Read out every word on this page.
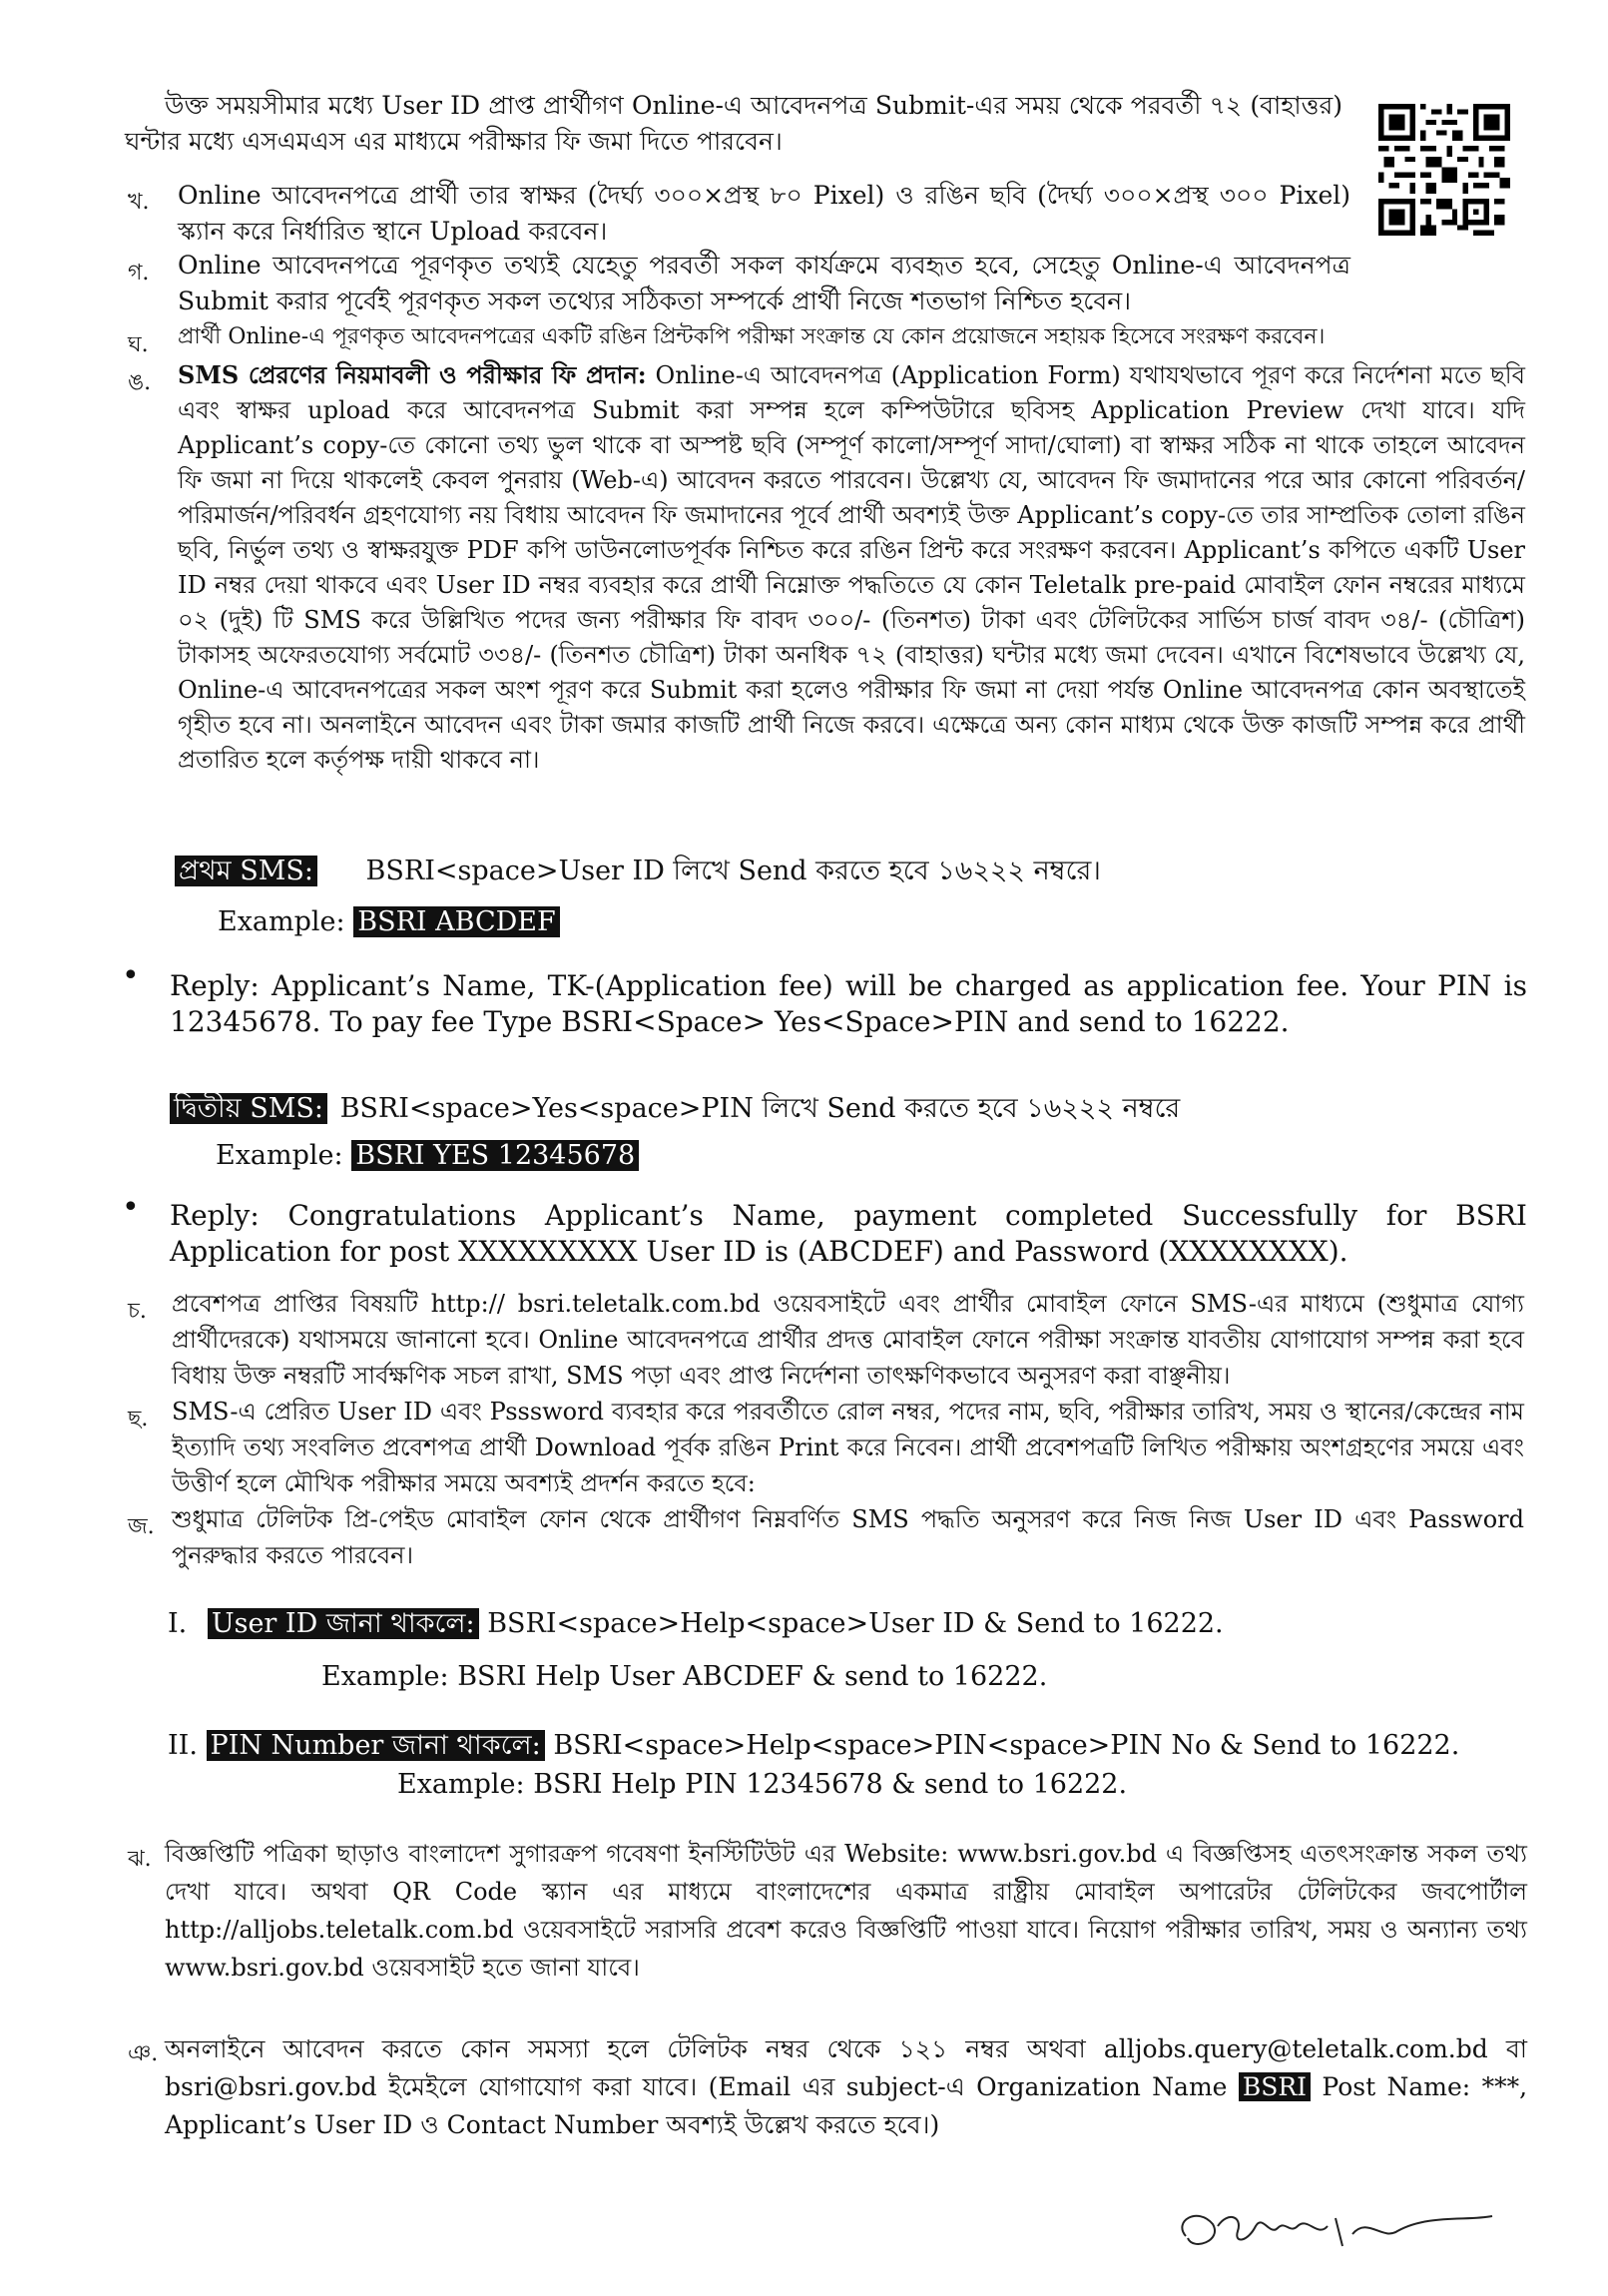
উক্ত সময়সীমার মধ্যে User ID প্রাপ্ত প্রার্থীগণ Online-এ আবেদনপত্র Submit-এর সময় থেকে পরবর্তী ৭২ (বাহাত্তর) ঘন্টার মধ্যে এসএমএস এর মাধ্যমে পরীক্ষার ফি জমা দিতে পারবেন।

খ. Online আবেদনপত্রে প্রার্থী তার স্বাক্ষর (দৈর্ঘ্য ৩০০×প্রস্থ ৮০ Pixel) ও রঙিন ছবি (দৈর্ঘ্য ৩০০×প্রস্থ ৩০০ Pixel) স্ক্যান করে নির্ধারিত স্থানে Upload করবেন।

গ. Online আবেদনপত্রে পূরণকৃত তথ্যই যেহেতু পরবর্তী সকল কার্যক্রমে ব্যবহৃত হবে, সেহেতু Online-এ আবেদনপত্র Submit করার পূর্বেই পূরণকৃত সকল তথ্যের সঠিকতা সম্পর্কে প্রার্থী নিজে শতভাগ নিশ্চিত হবেন।

ঘ. প্রার্থী Online-এ পূরণকৃত আবেদনপত্রের একটি রঙিন প্রিন্টকপি পরীক্ষা সংক্রান্ত যে কোন প্রয়োজনে সহায়ক হিসেবে সংরক্ষণ করবেন।

ঙ. SMS প্রেরণের নিয়মাবলী ও পরীক্ষার ফি প্রদান: Online-এ আবেদনপত্র (Application Form) যথাযথভাবে পূরণ করে নির্দেশনা মতে ছবি এবং স্বাক্ষর upload করে আবেদনপত্র Submit করা সম্পন্ন হলে কম্পিউটারে ছবিসহ Application Preview দেখা যাবে। যদি Applicant’s copy-তে কোনো তথ্য ভুল থাকে বা অস্পষ্ট ছবি (সম্পূর্ণ কালো/সম্পূর্ণ সাদা/ঘোলা) বা স্বাক্ষর সঠিক না থাকে তাহলে আবেদন ফি জমা না দিয়ে থাকলেই কেবল পুনরায় (Web-এ) আবেদন করতে পারবেন। উল্লেখ্য যে, আবেদন ফি জমাদানের পরে আর কোনো পরিবর্তন/পরিমার্জন/পরিবর্ধন গ্রহণযোগ্য নয় বিধায় আবেদন ফি জমাদানের পূর্বে প্রার্থী অবশ্যই উক্ত Applicant’s copy-তে তার সাম্প্রতিক তোলা রঙিন ছবি, নির্ভুল তথ্য ও স্বাক্ষরযুক্ত PDF কপি ডাউনলোডপূর্বক নিশ্চিত করে রঙিন প্রিন্ট করে সংরক্ষণ করবেন। Applicant’s কপিতে একটি User ID নম্বর দেয়া থাকবে এবং User ID নম্বর ব্যবহার করে প্রার্থী নিম্নোক্ত পদ্ধতিতে যে কোন Teletalk pre-paid মোবাইল ফোন নম্বরের মাধ্যমে ০২ (দুই) টি SMS করে উল্লিখিত পদের জন্য পরীক্ষার ফি বাবদ ৩০০/- (তিনশত) টাকা এবং টেলিটকের সার্ভিস চার্জ বাবদ ৩৪/- (চৌত্রিশ) টাকাসহ অফেরতযোগ্য সর্বমোট ৩৩৪/- (তিনশত চৌত্রিশ) টাকা অনধিক ৭২ (বাহাত্তর) ঘন্টার মধ্যে জমা দেবেন। এখানে বিশেষভাবে উল্লেখ্য যে, Online-এ আবেদনপত্রের সকল অংশ পূরণ করে Submit করা হলেও পরীক্ষার ফি জমা না দেয়া পর্যন্ত Online আবেদনপত্র কোন অবস্থাতেই গৃহীত হবে না। অনলাইনে আবেদন এবং টাকা জমার কাজটি প্রার্থী নিজে করবে। এক্ষেত্রে অন্য কোন মাধ্যম থেকে উক্ত কাজটি সম্পন্ন করে প্রার্থী প্রতারিত হলে কর্তৃপক্ষ দায়ী থাকবে না।

প্রথম SMS: BSRI<space>User ID লিখে Send করতে হবে ১৬২২২ নম্বরে।
Example: BSRI ABCDEF
• Reply: Applicant’s Name, TK-(Application fee) will be charged as application fee. Your PIN is 12345678. To pay fee Type BSRI<Space> Yes<Space>PIN and send to 16222.
দ্বিতীয় SMS: BSRI<space>Yes<space>PIN লিখে Send করতে হবে ১৬২২২ নম্বরে
Example: BSRI YES 12345678
• Reply: Congratulations Applicant’s Name, payment completed Successfully for BSRI Application for post XXXXXXXXX User ID is (ABCDEF) and Password (XXXXXXXX).
চ. প্রবেশপত্র প্রাপ্তির বিষয়টি http:// bsri.teletalk.com.bd ওয়েবসাইটে এবং প্রার্থীর মোবাইল ফোনে SMS-এর মাধ্যমে (শুধুমাত্র যোগ্য প্রার্থীদেরকে) যথাসময়ে জানানো হবে। Online আবেদনপত্রে প্রার্থীর প্রদত্ত মোবাইল ফোনে পরীক্ষা সংক্রান্ত যাবতীয় যোগাযোগ সম্পন্ন করা হবে বিধায় উক্ত নম্বরটি সার্বক্ষণিক সচল রাখা, SMS পড়া এবং প্রাপ্ত নির্দেশনা তাৎক্ষণিকভাবে অনুসরণ করা বাঞ্ছনীয়।

ছ. SMS-এ প্রেরিত User ID এবং Psssword ব্যবহার করে পরবর্তীতে রোল নম্বর, পদের নাম, ছবি, পরীক্ষার তারিখ, সময় ও স্থানের/কেন্দ্রের নাম ইত্যাদি তথ্য সংবলিত প্রবেশপত্র প্রার্থী Download পূর্বক রঙিন Print করে নিবেন। প্রার্থী প্রবেশপত্রটি লিখিত পরীক্ষায় অংশগ্রহণের সময়ে এবং উত্তীর্ণ হলে মৌখিক পরীক্ষার সময়ে অবশ্যই প্রদর্শন করতে হবে:

জ. শুধুমাত্র টেলিটক প্রি-পেইড মোবাইল ফোন থেকে প্রার্থীগণ নিম্নবর্ণিত SMS পদ্ধতি অনুসরণ করে নিজ নিজ User ID এবং Password পুনরুদ্ধার করতে পারবেন।

I. User ID জানা থাকলে: BSRI<space>Help<space>User ID & Send to 16222.
Example: BSRI Help User ABCDEF & send to 16222.
II. PIN Number জানা থাকলে: BSRI<space>Help<space>PIN<space>PIN No & Send to 16222.
Example: BSRI Help PIN 12345678 & send to 16222.
ঝ. বিজ্ঞপ্তিটি পত্রিকা ছাড়াও বাংলাদেশ সুগারক্রপ গবেষণা ইনস্টিটিউট এর Website: www.bsri.gov.bd এ বিজ্ঞপ্তিসহ এতৎসংক্রান্ত সকল তথ্য দেখা যাবে। অথবা QR Code স্ক্যান এর মাধ্যমে বাংলাদেশের একমাত্র রাষ্ট্রীয় মোবাইল অপারেটর টেলিটকের জবপোর্টাল http://alljobs.teletalk.com.bd ওয়েবসাইটে সরাসরি প্রবেশ করেও বিজ্ঞপ্তিটি পাওয়া যাবে। নিয়োগ পরীক্ষার তারিখ, সময় ও অন্যান্য তথ্য www.bsri.gov.bd ওয়েবসাইট হতে জানা যাবে।

ঞ. অনলাইনে আবেদন করতে কোন সমস্যা হলে টেলিটক নম্বর থেকে ১২১ নম্বর অথবা alljobs.query@teletalk.com.bd বা bsri@bsri.gov.bd ইমেইলে যোগাযোগ করা যাবে। (Email এর subject-এ Organization Name BSRI Post Name: ***, Applicant’s User ID ও Contact Number অবশ্যই উল্লেখ করতে হবে।)
